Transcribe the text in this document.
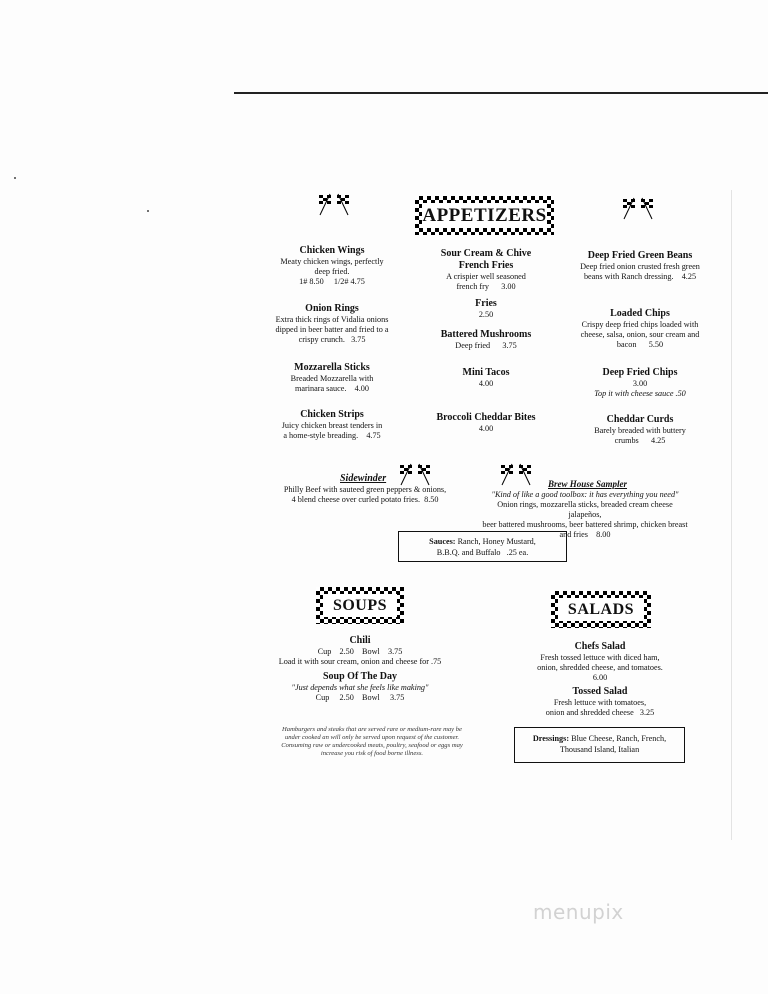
APPETIZERS
SOUPS	SALADS
Chicken Wings
Meaty chicken wings, perfectly
deep fried.
1# 8.50     1/2# 4.75
Onion Rings
Extra thick rings of Vidalia onions
dipped in beer batter and fried to a
crispy crunch.   3.75
Mozzarella Sticks
Breaded Mozzarella with
marinara sauce.    4.00
Chicken Strips
Juicy chicken breast tenders in
a home-style breading.    4.75
Sour Cream & Chive
French Fries
A crispier well seasoned
french fry      3.00
Fries
2.50
Battered Mushrooms
Deep fried      3.75
Mini Tacos
4.00
Broccoli Cheddar Bites
4.00
Deep Fried Green Beans
Deep fried onion crusted fresh green
beans with Ranch dressing.    4.25
Loaded Chips
Crispy deep fried chips loaded with
cheese, salsa, onion, sour cream and
bacon      5.50
Deep Fried Chips
3.00
Top it with cheese sauce .50
Cheddar Curds
Barely breaded with buttery
crumbs      4.25
Sidewinder
Philly Beef with sauteed green peppers & onions,
4 blend cheese over curled potato fries.  8.50
Brew House Sampler
"Kind of like a good toolbox: it has everything you need"
Onion rings, mozzarella sticks, breaded cream cheese jalapeños,
beer battered mushrooms, beer battered shrimp, chicken breast
and fries    8.00
Sauces: Ranch, Honey Mustard,
B.B.Q. and Buffalo   .25 ea.
Chili
Cup    2.50    Bowl    3.75
Load it with sour cream, onion and cheese for .75
Soup Of The Day
"Just depends what she feels like making"
Cup     2.50    Bowl     3.75
Chefs Salad
Fresh tossed lettuce with diced ham,
onion, shredded cheese, and tomatoes.
6.00
Tossed Salad
Fresh lettuce with tomatoes,
onion and shredded cheese   3.25
Dressings: Blue Cheese, Ranch, French,
Thousand Island, Italian
Hamburgers and steaks that are served rare or medium-rare may be
under cooked an will only be served upon request of the customer.
Consuming raw or undercooked meats, poultry, seafood or eggs may
increase you risk of food borne illness.
menupix
